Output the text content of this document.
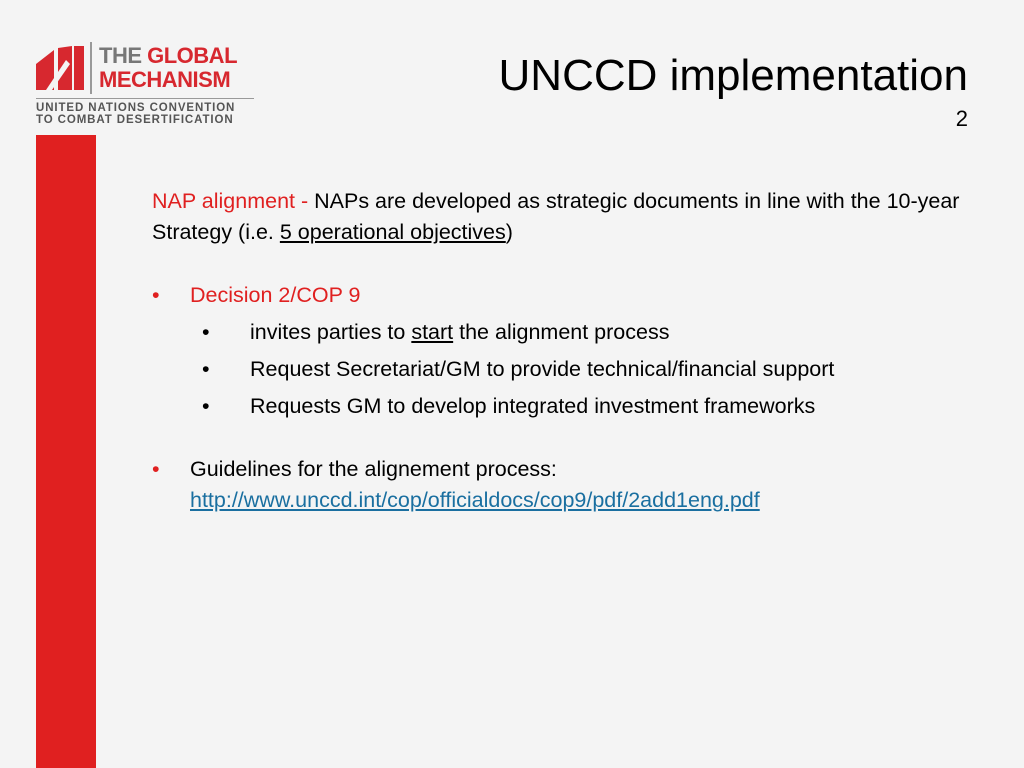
THE GLOBAL
MECHANISM
UNITED NATIONS CONVENTION
TO COMBAT DESERTIFICATION
UNCCD implementation
2

NAP alignment - NAPs are developed as strategic documents in line with the 10-year Strategy (i.e. 5 operational objectives)

• Decision 2/COP 9
• invites parties to start the alignment process
• Request Secretariat/GM to provide technical/financial support
• Requests GM to develop integrated investment frameworks
• Guidelines for the alignement process:
http://www.unccd.int/cop/officialdocs/cop9/pdf/2add1eng.pdf
